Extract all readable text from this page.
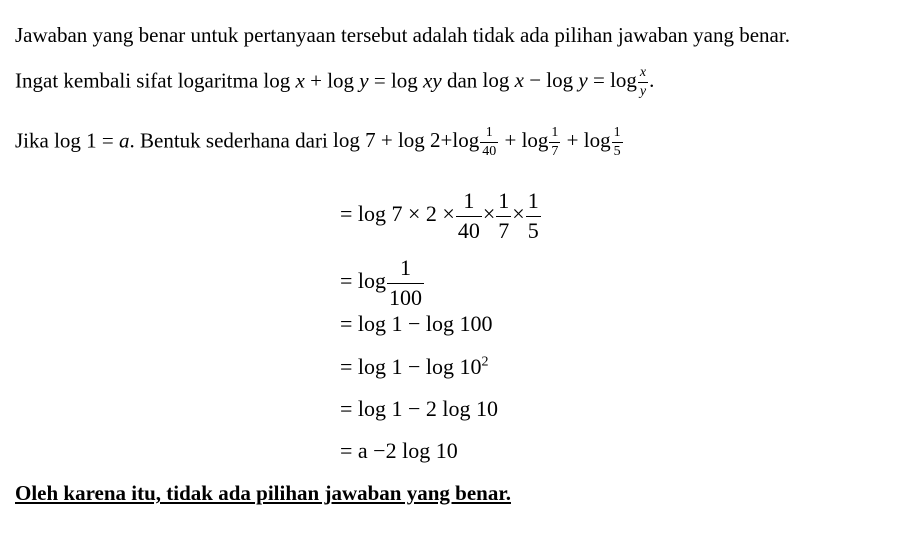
Jawaban yang benar untuk pertanyaan tersebut adalah tidak ada pilihan jawaban yang benar.
Ingat kembali sifat logaritma log x + log y = log xy dan $\log x - \log y = \log \frac{x}{y}$ .
Jika log 1 = a. Bentuk sederhana dari $\log 7 + \log 2+\log \frac{1}{40} + \log \frac{1}{7} + \log \frac{1}{5}$
= $\log 7 \times 2 \times \frac{1}{40} \times \frac{1}{7} \times \frac{1}{5}$
= $\log \frac{1}{100}$
= log 1 − log 100
= $\log 1 - \log 10^2$
= log 1 − 2 log 10
= a −2 log 10
Oleh karena itu, tidak ada pilihan jawaban yang benar.
